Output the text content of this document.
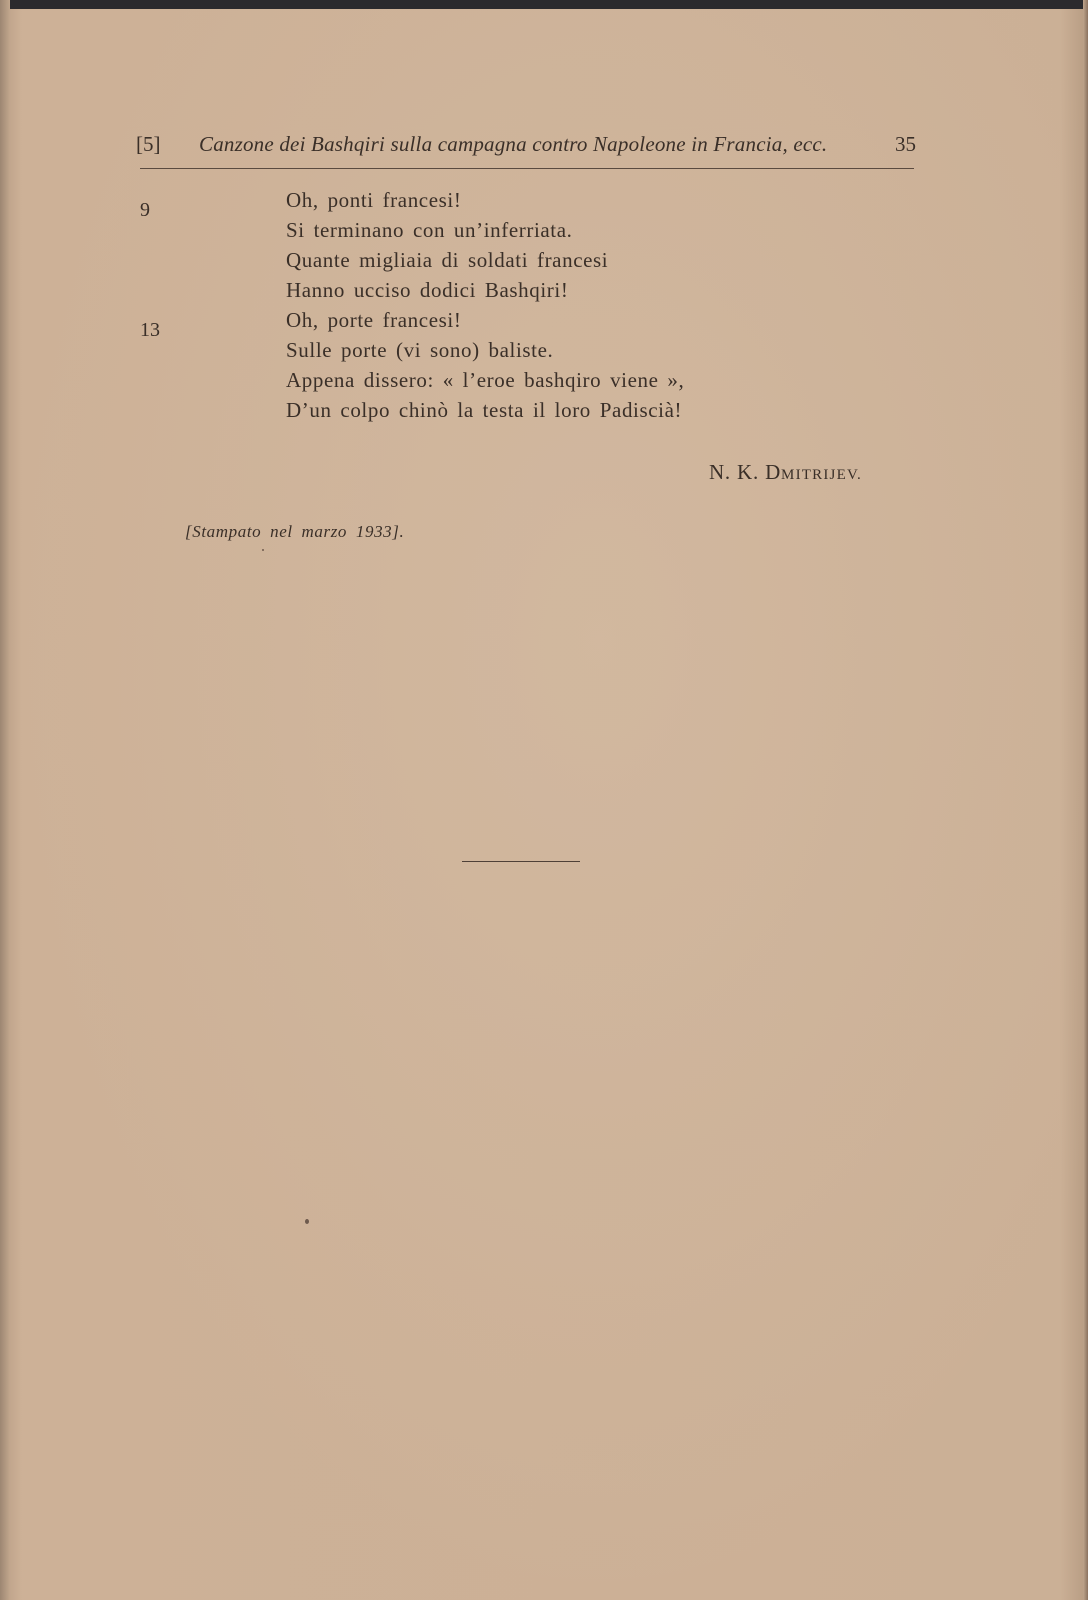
[5] Canzone dei Bashqiri sulla campagna contro Napoleone in Francia, ecc.	35
9
13
Oh, ponti francesi!
Si terminano con un’inferriata.
Quante migliaia di soldati francesi
Hanno ucciso dodici Bashqiri!
Oh, porte francesi!
Sulle porte (vi sono) baliste.
Appena dissero: « l’eroe bashqiro viene »,
D’un colpo chinò la testa il loro Padiscià!
N. K. DMITRIJEV.
[Stampato nel marzo 1933].
